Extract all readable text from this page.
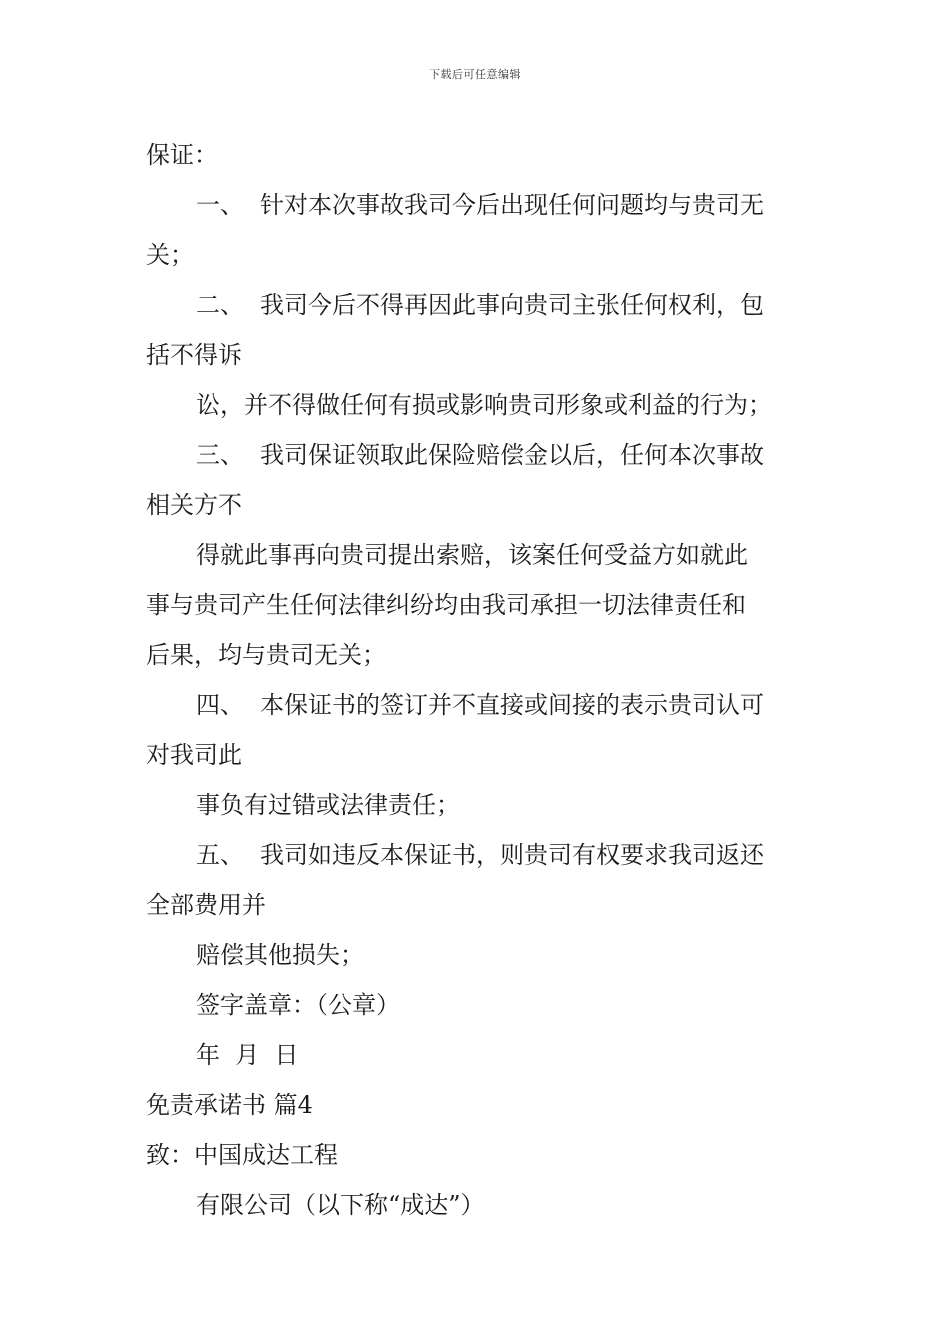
下载后可任意编辑
保证：
一、 针对本次事故我司今后出现任何问题均与贵司无
关；
二、 我司今后不得再因此事向贵司主张任何权利，包
括不得诉
讼，并不得做任何有损或影响贵司形象或利益的行为；
三、 我司保证领取此保险赔偿金以后，任何本次事故
相关方不
得就此事再向贵司提出索赔，该案任何受益方如就此
事与贵司产生任何法律纠纷均由我司承担一切法律责任和
后果，均与贵司无关；
四、 本保证书的签订并不直接或间接的表示贵司认可
对我司此
事负有过错或法律责任；
五、 我司如违反本保证书，则贵司有权要求我司返还
全部费用并
赔偿其他损失；
签字盖章：（公章）
年  月  日
免责承诺书 篇4
致：中国成达工程
有限公司（以下称“成达”）
